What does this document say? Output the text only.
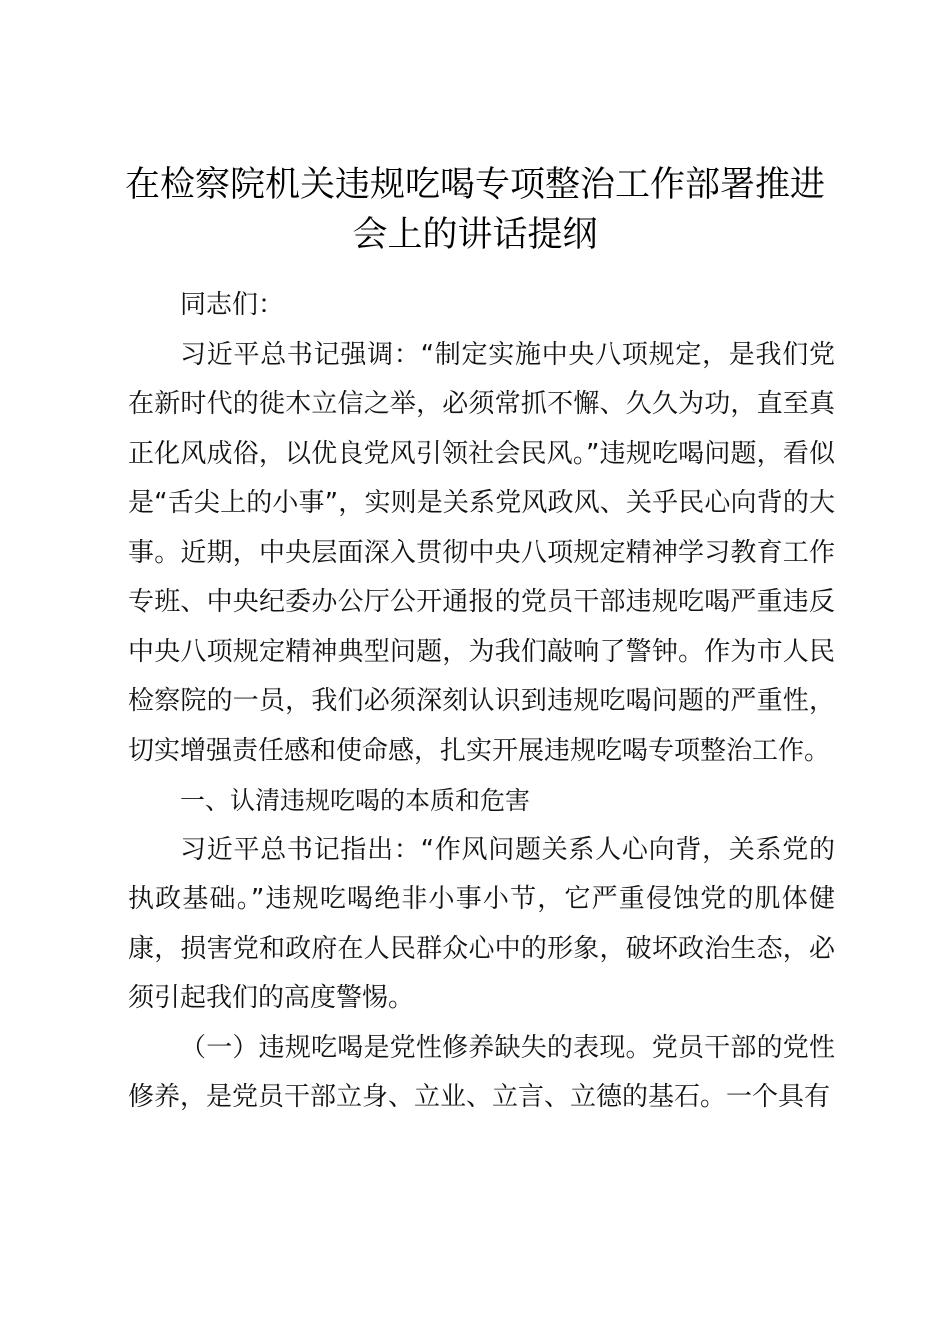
在检察院机关违规吃喝专项整治工作部署推进
会上的讲话提纲

同志们：

习近平总书记强调：“制定实施中央八项规定，是我们党在新时代的徙木立信之举，必须常抓不懈、久久为功，直至真正化风成俗，以优良党风引领社会民风。”违规吃喝问题，看似是“舌尖上的小事”，实则是关系党风政风、关乎民心向背的大事。近期，中央层面深入贯彻中央八项规定精神学习教育工作专班、中央纪委办公厅公开通报的党员干部违规吃喝严重违反中央八项规定精神典型问题，为我们敲响了警钟。作为市人民检察院的一员，我们必须深刻认识到违规吃喝问题的严重性，切实增强责任感和使命感，扎实开展违规吃喝专项整治工作。

一、认清违规吃喝的本质和危害

习近平总书记指出：“作风问题关系人心向背，关系党的执政基础。”违规吃喝绝非小事小节，它严重侵蚀党的肌体健康，损害党和政府在人民群众心中的形象，破坏政治生态，必须引起我们的高度警惕。

（一）违规吃喝是党性修养缺失的表现。党员干部的党性修养，是党员干部立身、立业、立言、立德的基石。一个具有
